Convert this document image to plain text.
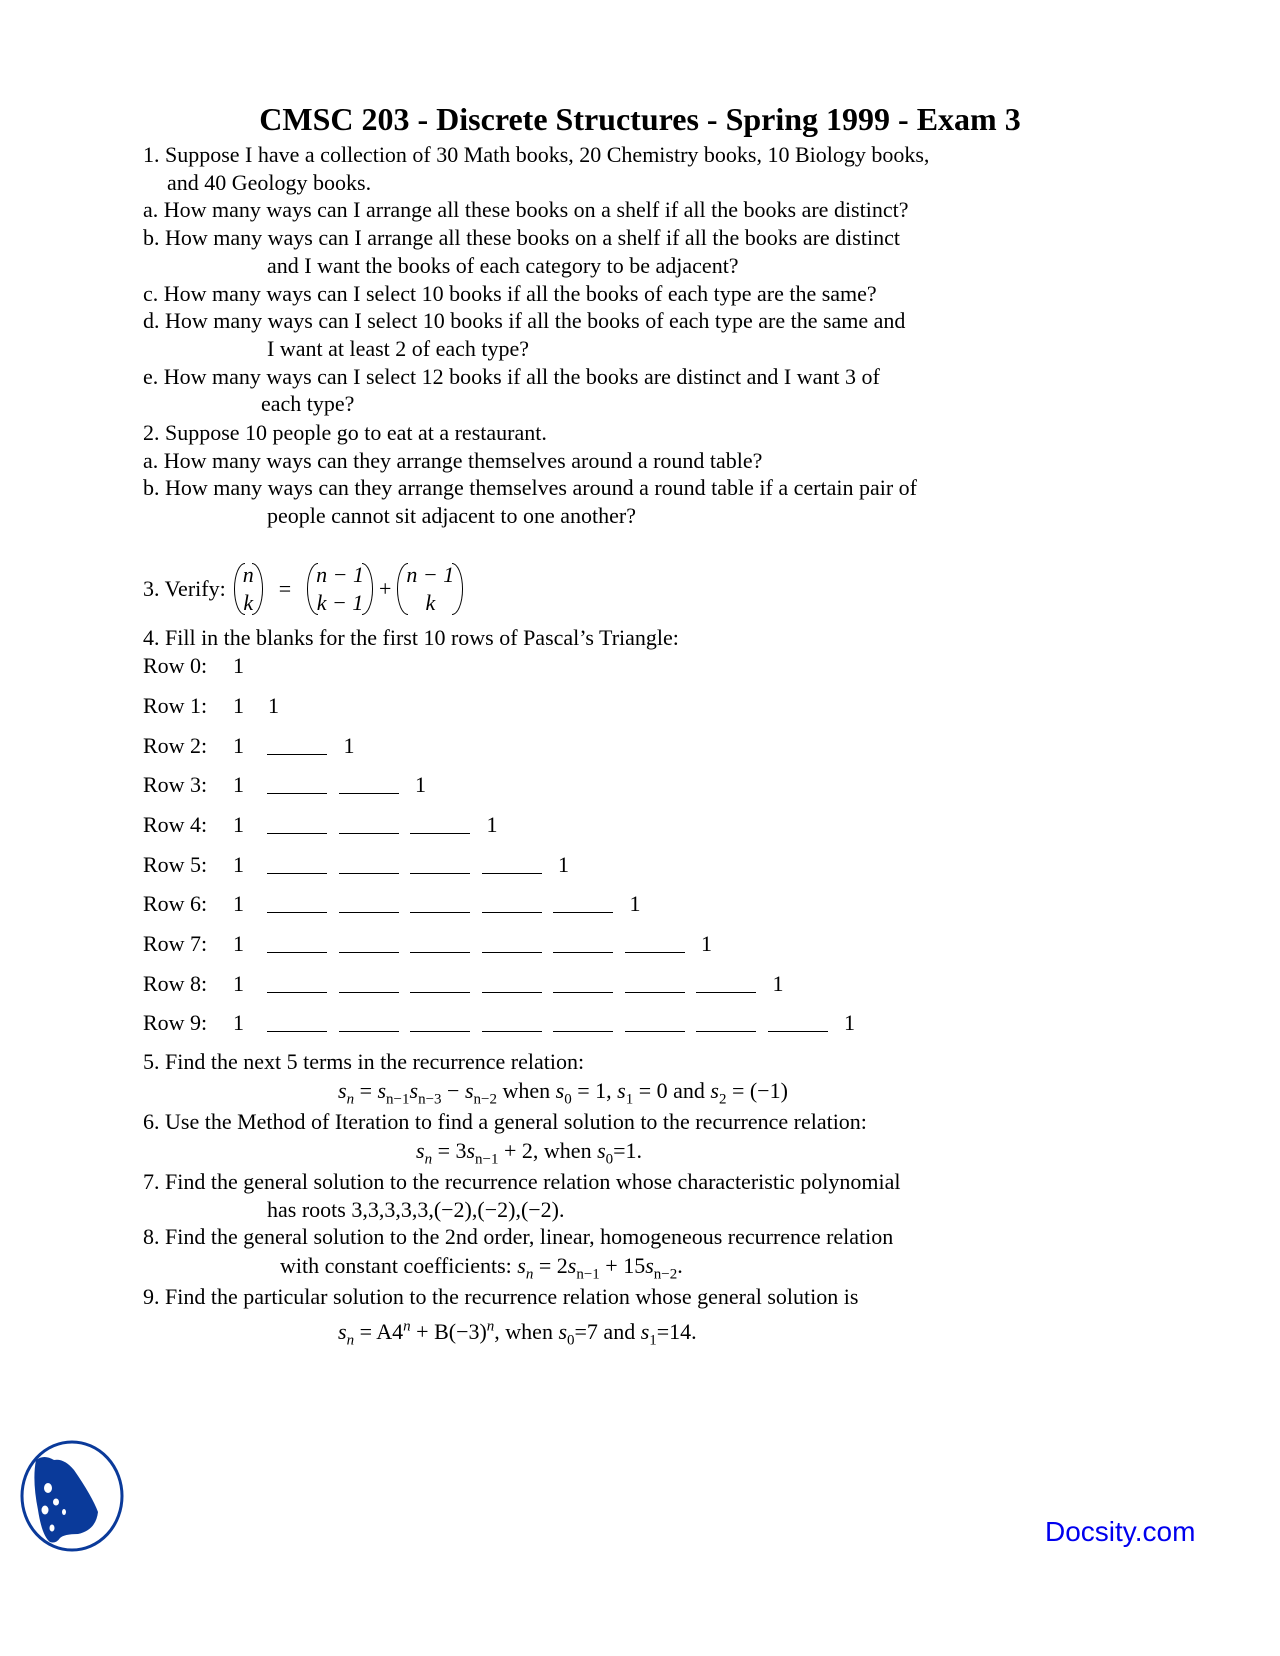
CMSC 203 - Discrete Structures - Spring 1999 - Exam 3
1. Suppose I have a collection of 30 Math books, 20 Chemistry books, 10 Biology books,
and 40 Geology books.
a. How many ways can I arrange all these books on a shelf if all the books are distinct?
b. How many ways can I arrange all these books on a shelf if all the books are distinct
and I want the books of each category to be adjacent?
c. How many ways can I select 10 books if all the books of each type are the same?
d. How many ways can I select 10 books if all the books of each type are the same and
I want at least 2 of each type?
e. How many ways can I select 12 books if all the books are distinct and I want 3 of
each type?
2. Suppose 10 people go to eat at a restaurant.
a. How many ways can they arrange themselves around a round table?
b. How many ways can they arrange themselves around a round table if a certain pair of
people cannot sit adjacent to one another?
3. Verify:
n
k
=
n − 1
k − 1
+
n − 1
k
4. Fill in the blanks for the first 10 rows of Pascal’s Triangle:
Row 0: 1
Row 1: 1 1
Row 2: 1	1
Row 3: 1	1
Row 4: 1	1
Row 5: 1	1
Row 6: 1	1
Row 7: 1	1
Row 8: 1	1
Row 9: 1	1
5. Find the next 5 terms in the recurrence relation:
$s_n = s_{n-1}s_{n-3} - s_{n-2}$ when $s_0 = 1$, $s_1 = 0$ and $s_2 = (-1)$
6. Use the Method of Iteration to find a general solution to the recurrence relation:
$s_n = 3s_{n-1} + 2$, when $s_0=1$.
7. Find the general solution to the recurrence relation whose characteristic polynomial
has roots 3,3,3,3,3,(−2),(−2),(−2).
8. Find the general solution to the 2nd order, linear, homogeneous recurrence relation
with constant coefficients: $s_n = 2s_{n-1} + 15s_{n-2}$.
9. Find the particular solution to the recurrence relation whose general solution is
$s_n = A4^n + B(-3)^n$, when $s_0=7$ and $s_1=14$.
Docsity.com
